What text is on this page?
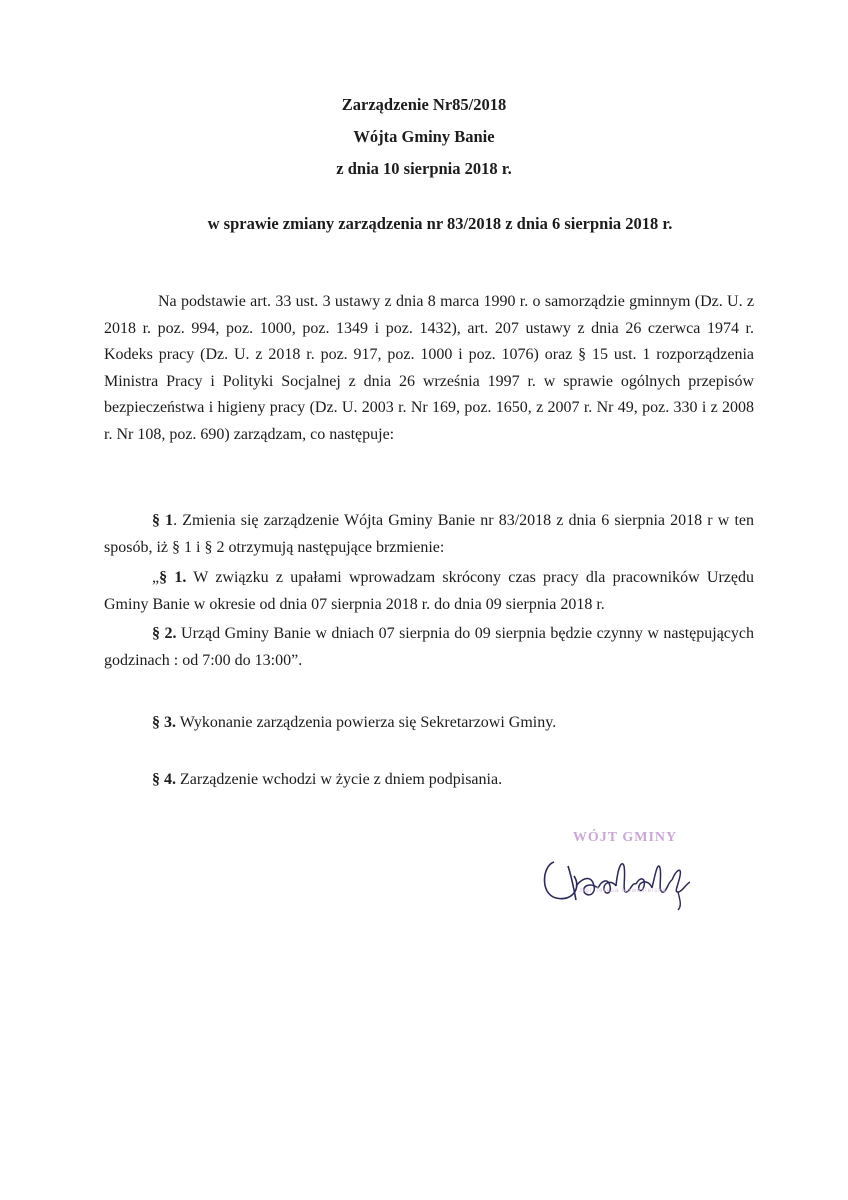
Zarządzenie Nr85/2018
Wójta Gminy Banie
z dnia 10 sierpnia 2018 r.
w sprawie zmiany zarządzenia nr 83/2018 z dnia 6 sierpnia 2018 r.
Na podstawie art. 33 ust. 3 ustawy z dnia 8 marca 1990 r. o samorządzie gminnym (Dz. U. z 2018 r. poz. 994, poz. 1000, poz. 1349 i poz. 1432), art. 207 ustawy z dnia 26 czerwca 1974 r. Kodeks pracy (Dz. U. z 2018 r. poz. 917, poz. 1000 i poz. 1076) oraz § 15 ust. 1 rozporządzenia Ministra Pracy i Polityki Socjalnej z dnia 26 września 1997 r. w sprawie ogólnych przepisów bezpieczeństwa i higieny pracy (Dz. U. 2003 r. Nr 169, poz. 1650, z 2007 r. Nr 49, poz. 330 i z 2008 r. Nr 108, poz. 690) zarządzam, co następuje:
§ 1. Zmienia się zarządzenie Wójta Gminy Banie nr 83/2018 z dnia 6 sierpnia 2018 r w ten sposób, iż § 1 i § 2 otrzymują następujące brzmienie:
„§ 1. W związku z upałami wprowadzam skrócony czas pracy dla pracowników Urzędu Gminy Banie w okresie od dnia 07 sierpnia 2018 r. do dnia 09 sierpnia 2018 r.
§ 2. Urząd Gminy Banie w dniach 07 sierpnia do 09 sierpnia będzie czynny w następujących godzinach : od 7:00 do 13:00”.
§ 3. Wykonanie zarządzenia powierza się Sekretarzowi Gminy.
§ 4. Zarządzenie wchodzi w życie z dniem podpisania.
WÓJT GMINY
mgr Teresa Nowosielska
